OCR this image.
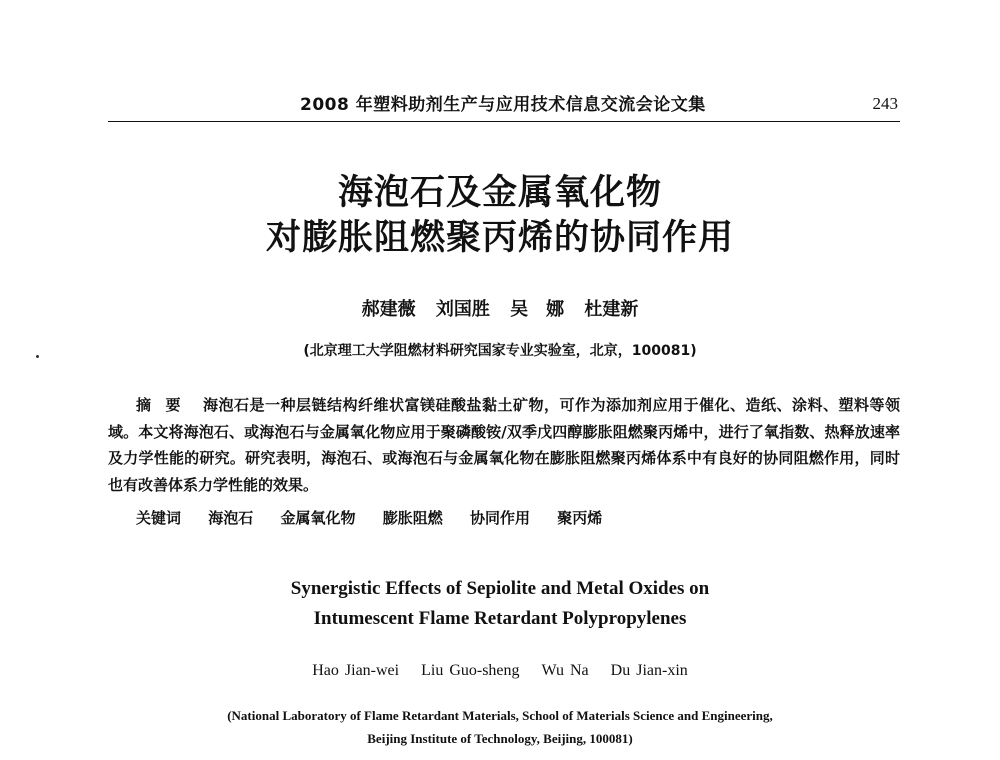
2008 年塑料助剂生产与应用技术信息交流会论文集	243
海泡石及金属氧化物
对膨胀阻燃聚丙烯的协同作用
郝建薇 刘国胜 吴　娜 杜建新
(北京理工大学阻燃材料研究国家专业实验室，北京，100081)
摘要 海泡石是一种层链结构纤维状富镁硅酸盐黏土矿物，可作为添加剂应用于催化、造纸、涂料、塑料等领域。本文将海泡石、或海泡石与金属氧化物应用于聚磷酸铵/双季戊四醇膨胀阻燃聚丙烯中，进行了氧指数、热释放速率及力学性能的研究。研究表明，海泡石、或海泡石与金属氧化物在膨胀阻燃聚丙烯体系中有良好的协同阻燃作用，同时也有改善体系力学性能的效果。
关键词 海泡石 金属氧化物 膨胀阻燃 协同作用 聚丙烯
Synergistic Effects of Sepiolite and Metal Oxides on
Intumescent Flame Retardant Polypropylenes
Hao Jian-wei Liu Guo-sheng Wu Na Du Jian-xin
(National Laboratory of Flame Retardant Materials, School of Materials Science and Engineering,
Beijing Institute of Technology, Beijing, 100081)
